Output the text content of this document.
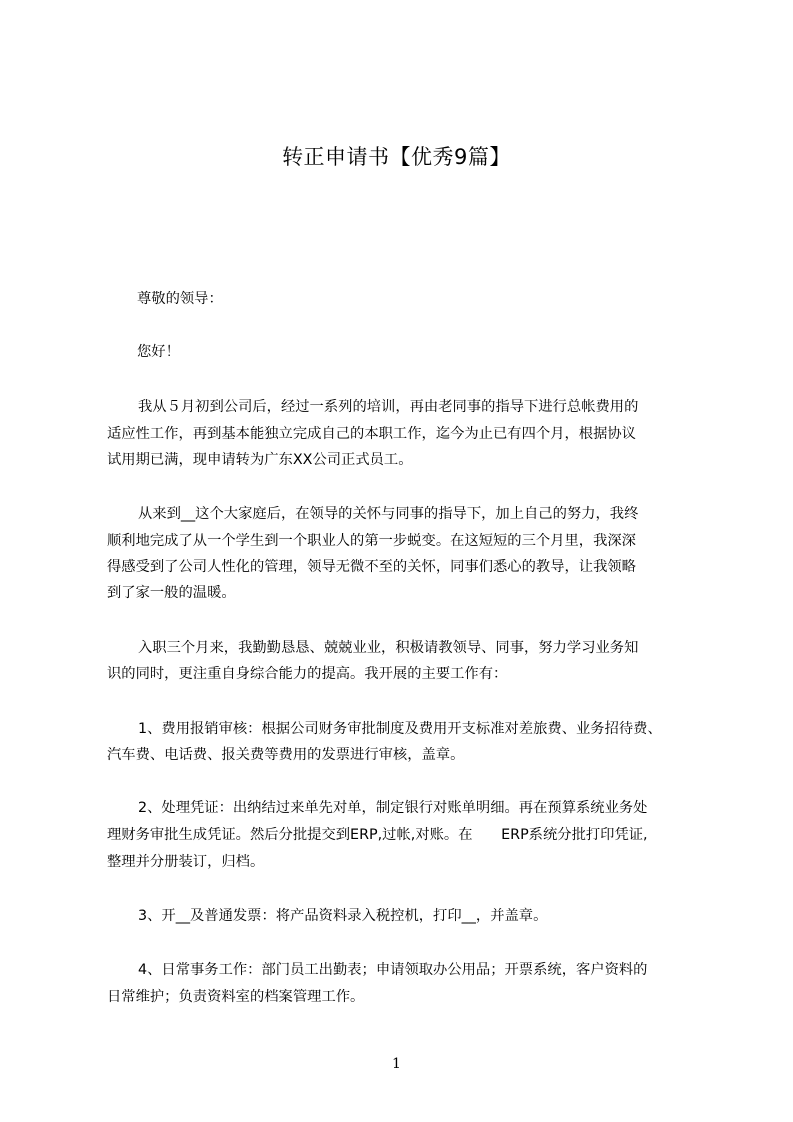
转正申请书【优秀9篇】
尊敬的领导：
您好！
我从５月初到公司后，经过一系列的培训，再由老同事的指导下进行总帐费用的
适应性工作，再到基本能独立完成自己的本职工作，迄今为止已有四个月，根据协议
试用期已满，现申请转为广东XX公司正式员工。
从来到__这个大家庭后，在领导的关怀与同事的指导下，加上自己的努力，我终
顺利地完成了从一个学生到一个职业人的第一步蜕变。在这短短的三个月里，我深深
得感受到了公司人性化的管理，领导无微不至的关怀，同事们悉心的教导，让我领略
到了家一般的温暖。
入职三个月来，我勤勤恳恳、兢兢业业，积极请教领导、同事，努力学习业务知
识的同时，更注重自身综合能力的提高。我开展的主要工作有：
1、费用报销审核：根据公司财务审批制度及费用开支标准对差旅费、业务招待费、
汽车费、电话费、报关费等费用的发票进行审核，盖章。
2、处理凭证：出纳结过来单先对单，制定银行对账单明细。再在预算系统业务处
理财务审批生成凭证。然后分批提交到ERP,过帐,对账。在　　ERP系统分批打印凭证,
整理并分册装订，归档。
3、开__及普通发票：将产品资料录入税控机，打印__，并盖章。
4、日常事务工作：部门员工出勤表；申请领取办公用品；开票系统，客户资料的
日常维护；负责资料室的档案管理工作。
1
